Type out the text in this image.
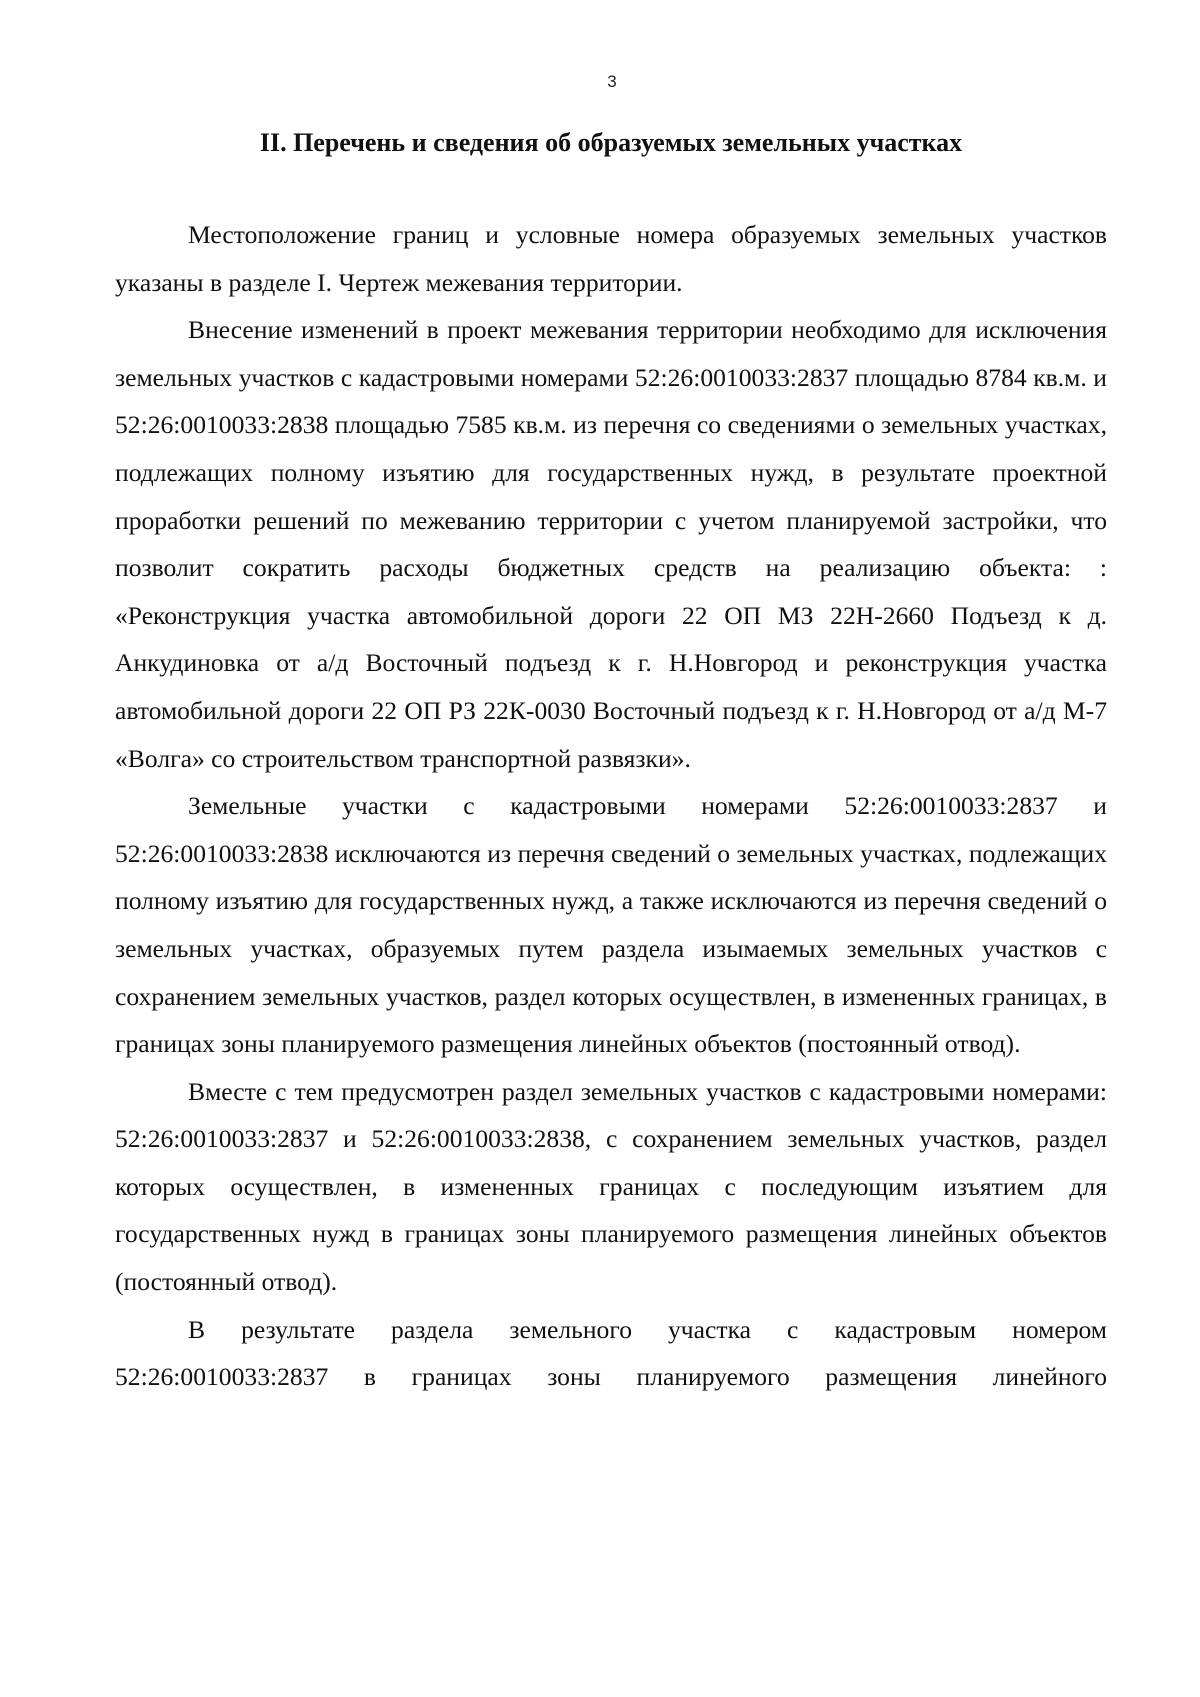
3
II. Перечень и сведения об образуемых земельных участках

Местоположение границ и условные номера образуемых земельных участков указаны в разделе I. Чертеж межевания территории.

Внесение изменений в проект межевания территории необходимо для исключения земельных участков с кадастровыми номерами 52:26:0010033:2837 площадью 8784 кв.м. и 52:26:0010033:2838 площадью 7585 кв.м. из перечня со сведениями о земельных участках, подлежащих полному изъятию для государственных нужд, в результате проектной проработки решений по межеванию территории с учетом планируемой застройки, что позволит сократить расходы бюджетных средств на реализацию объекта: : «Реконструкция участка автомобильной дороги 22 ОП МЗ 22Н-2660 Подъезд к д. Анкудиновка от а/д Восточный подъезд к г. Н.Новгород и реконструкция участка автомобильной дороги 22 ОП РЗ 22К-0030 Восточный подъезд к г. Н.Новгород от а/д М-7 «Волга» со строительством транспортной развязки».

Земельные участки с кадастровыми номерами 52:26:0010033:2837 и 52:26:0010033:2838 исключаются из перечня сведений о земельных участках, подлежащих полному изъятию для государственных нужд, а также исключаются из перечня сведений о земельных участках, образуемых путем раздела изымаемых земельных участков с сохранением земельных участков, раздел которых осуществлен, в измененных границах, в границах зоны планируемого размещения линейных объектов (постоянный отвод).

Вместе с тем предусмотрен раздел земельных участков с кадастровыми номерами: 52:26:0010033:2837 и 52:26:0010033:2838, с сохранением земельных участков, раздел которых осуществлен, в измененных границах с последующим изъятием для государственных нужд в границах зоны планируемого размещения линейных объектов (постоянный отвод).

В результате раздела земельного участка с кадастровым номером 52:26:0010033:2837 в границах зоны планируемого размещения линейного
